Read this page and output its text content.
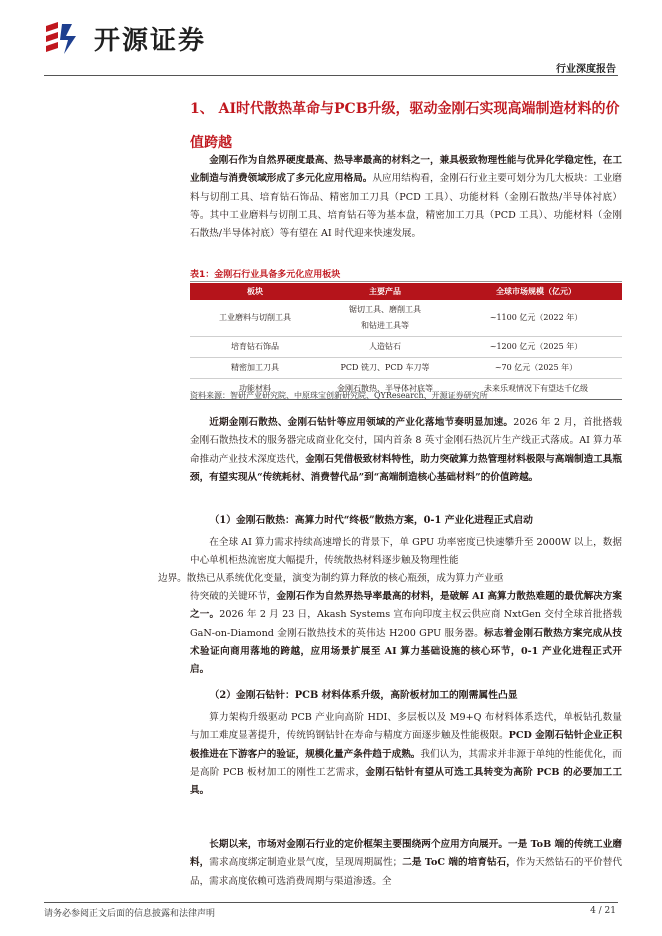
开源证券
行业深度报告
1、 AI时代散热革命与PCB升级，驱动金刚石实现高端制造材料的价值跨越
金刚石作为自然界硬度最高、热导率最高的材料之一，兼具极致物理性能与优异化学稳定性，在工业制造与消费领域形成了多元化应用格局。从应用结构看，金刚石行业主要可划分为几大板块：工业磨料与切削工具、培育钻石饰品、精密加工刀具（PCD 工具）、功能材料（金刚石散热/半导体衬底）等。其中工业磨料与切削工具、培育钻石等为基本盘，精密加工刀具（PCD 工具）、功能材料（金刚石散热/半导体衬底）等有望在 AI 时代迎来快速发展。
表1：金刚石行业具备多元化应用板块
板块	主要产品	全球市场规模（亿元）
工业磨料与切削工具	锯切工具、磨削工具和钻进工具等	~1100 亿元（2022 年）
培育钻石饰品	人造钻石	~1200 亿元（2025 年）
精密加工刀具	PCD 铣刀、PCD 车刀等	~70 亿元（2025 年）
功能材料	金刚石散热、半导体衬底等	未来乐观情况下有望达千亿级
资料来源：智研产业研究院、中原珠宝创新研究院、QYResearch、开源证券研究所
近期金刚石散热、金刚石钻针等应用领域的产业化落地节奏明显加速。2026 年 2 月，首批搭载金刚石散热技术的服务器完成商业化交付，国内首条 8 英寸金刚石热沉片生产线正式落成。AI 算力革命推动产业技术深度迭代，金刚石凭借极致材料特性，助力突破算力热管理材料极限与高端制造工具瓶颈，有望实现从“传统耗材、消费替代品”到“高端制造核心基础材料”的价值跨越。
（1）金刚石散热：高算力时代“终极”散热方案，0-1 产业化进程正式启动
在全球 AI 算力需求持续高速增长的背景下，单 GPU 功率密度已快速攀升至 2000W 以上，数据中心单机柜热流密度大幅提升，传统散热材料逐步触及物理性能
边界。散热已从系统优化变量，演变为制约算力释放的核心瓶颈，成为算力产业亟
待突破的关键环节，金刚石作为自然界热导率最高的材料，是破解 AI 高算力散热难题的最优解决方案之一。2026 年 2 月 23 日，Akash Systems 宣布向印度主权云供应商 NxtGen 交付全球首批搭载 GaN-on-Diamond 金刚石散热技术的英伟达 H200 GPU 服务器。标志着金刚石散热方案完成从技术验证向商用落地的跨越，应用场景扩展至 AI 算力基础设施的核心环节，0-1 产业化进程正式开启。
（2）金刚石钻针：PCB 材料体系升级，高阶板材加工的刚需属性凸显
算力架构升级驱动 PCB 产业向高阶 HDI、多层板以及 M9+Q 布材料体系迭代，单板钻孔数量与加工难度显著提升，传统钨钢钻针在寿命与精度方面逐步触及性能极限。PCD 金刚石钻针企业正积极推进在下游客户的验证，规模化量产条件趋于成熟。我们认为，其需求并非源于单纯的性能优化，而是高阶 PCB 板材加工的刚性工艺需求，金刚石钻针有望从可选工具转变为高阶 PCB 的必要加工工具。
长期以来，市场对金刚石行业的定价框架主要围绕两个应用方向展开。一是 ToB 端的传统工业磨料，需求高度绑定制造业景气度，呈现周期属性；二是 ToC 端的培育钻石，作为天然钻石的平价替代品，需求高度依赖可选消费周期与渠道渗透。全
请务必参阅正文后面的信息披露和法律声明	4 / 21
